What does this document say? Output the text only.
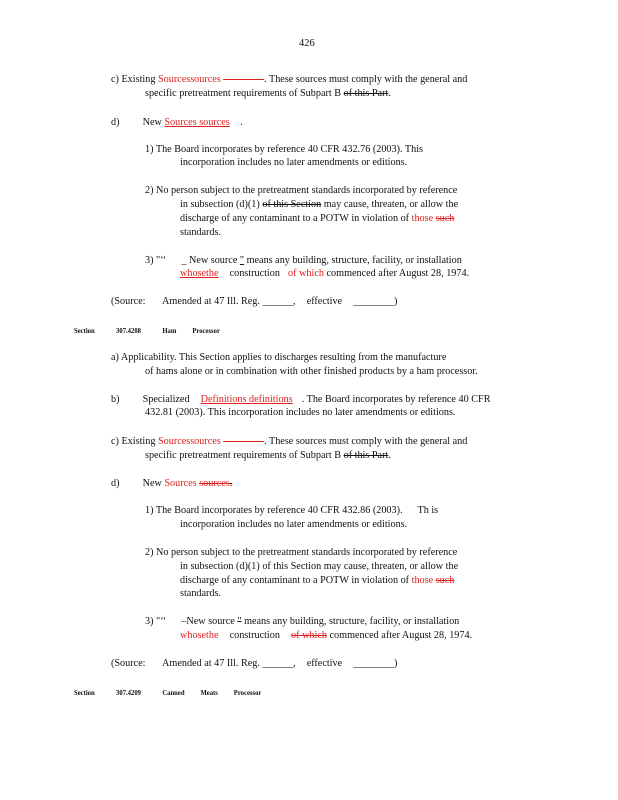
426
c) Existing Sourcessources ————. These sources must comply with the general and
specific pretreatment requirements of Subpart B of this Part.
d) New Sources sources .
1) The Board incorporates by reference 40 CFR 432.76 (2003). This
incorporation includes no later amendments or editions.
2) No person subject to the pretreatment standards incorporated by reference
in subsection (d)(1) of this Section may cause, threaten, or allow the
discharge of any contaminant to a POTW in violation of those such
standards.
3) "‘‘ _ New source " means any building, structure, facility, or installation
whosethe construction of which commenced after August 28, 1974.
(Source: Amended at 47 Ill. Reg. ______, effective ________)
Section	307.4208	Ham Processor
a) Applicability. This Section applies to discharges resulting from the manufacture
of hams alone or in combination with other finished products by a ham processor.
b) Specialized Definitions definitions . The Board incorporates by reference 40 CFR
432.81 (2003). This incorporation includes no later amendments or editions.
c) Existing Sourcessources ————. These sources must comply with the general and
specific pretreatment requirements of Subpart B of this Part.
d) New Sources sources.
1) The Board incorporates by reference 40 CFR 432.86 (2003). Th is
incorporation includes no later amendments or editions.
2) No person subject to the pretreatment standards incorporated by reference
in subsection (d)(1) of this Section may cause, threaten, or allow the
discharge of any contaminant to a POTW in violation of those such
standards.
3) "‘‘ –New source " means any building, structure, facility, or installation
whosethe construction of which commenced after August 28, 1974.
(Source: Amended at 47 Ill. Reg. ______, effective ________)
Section	307.4209	Canned Meats Processor
